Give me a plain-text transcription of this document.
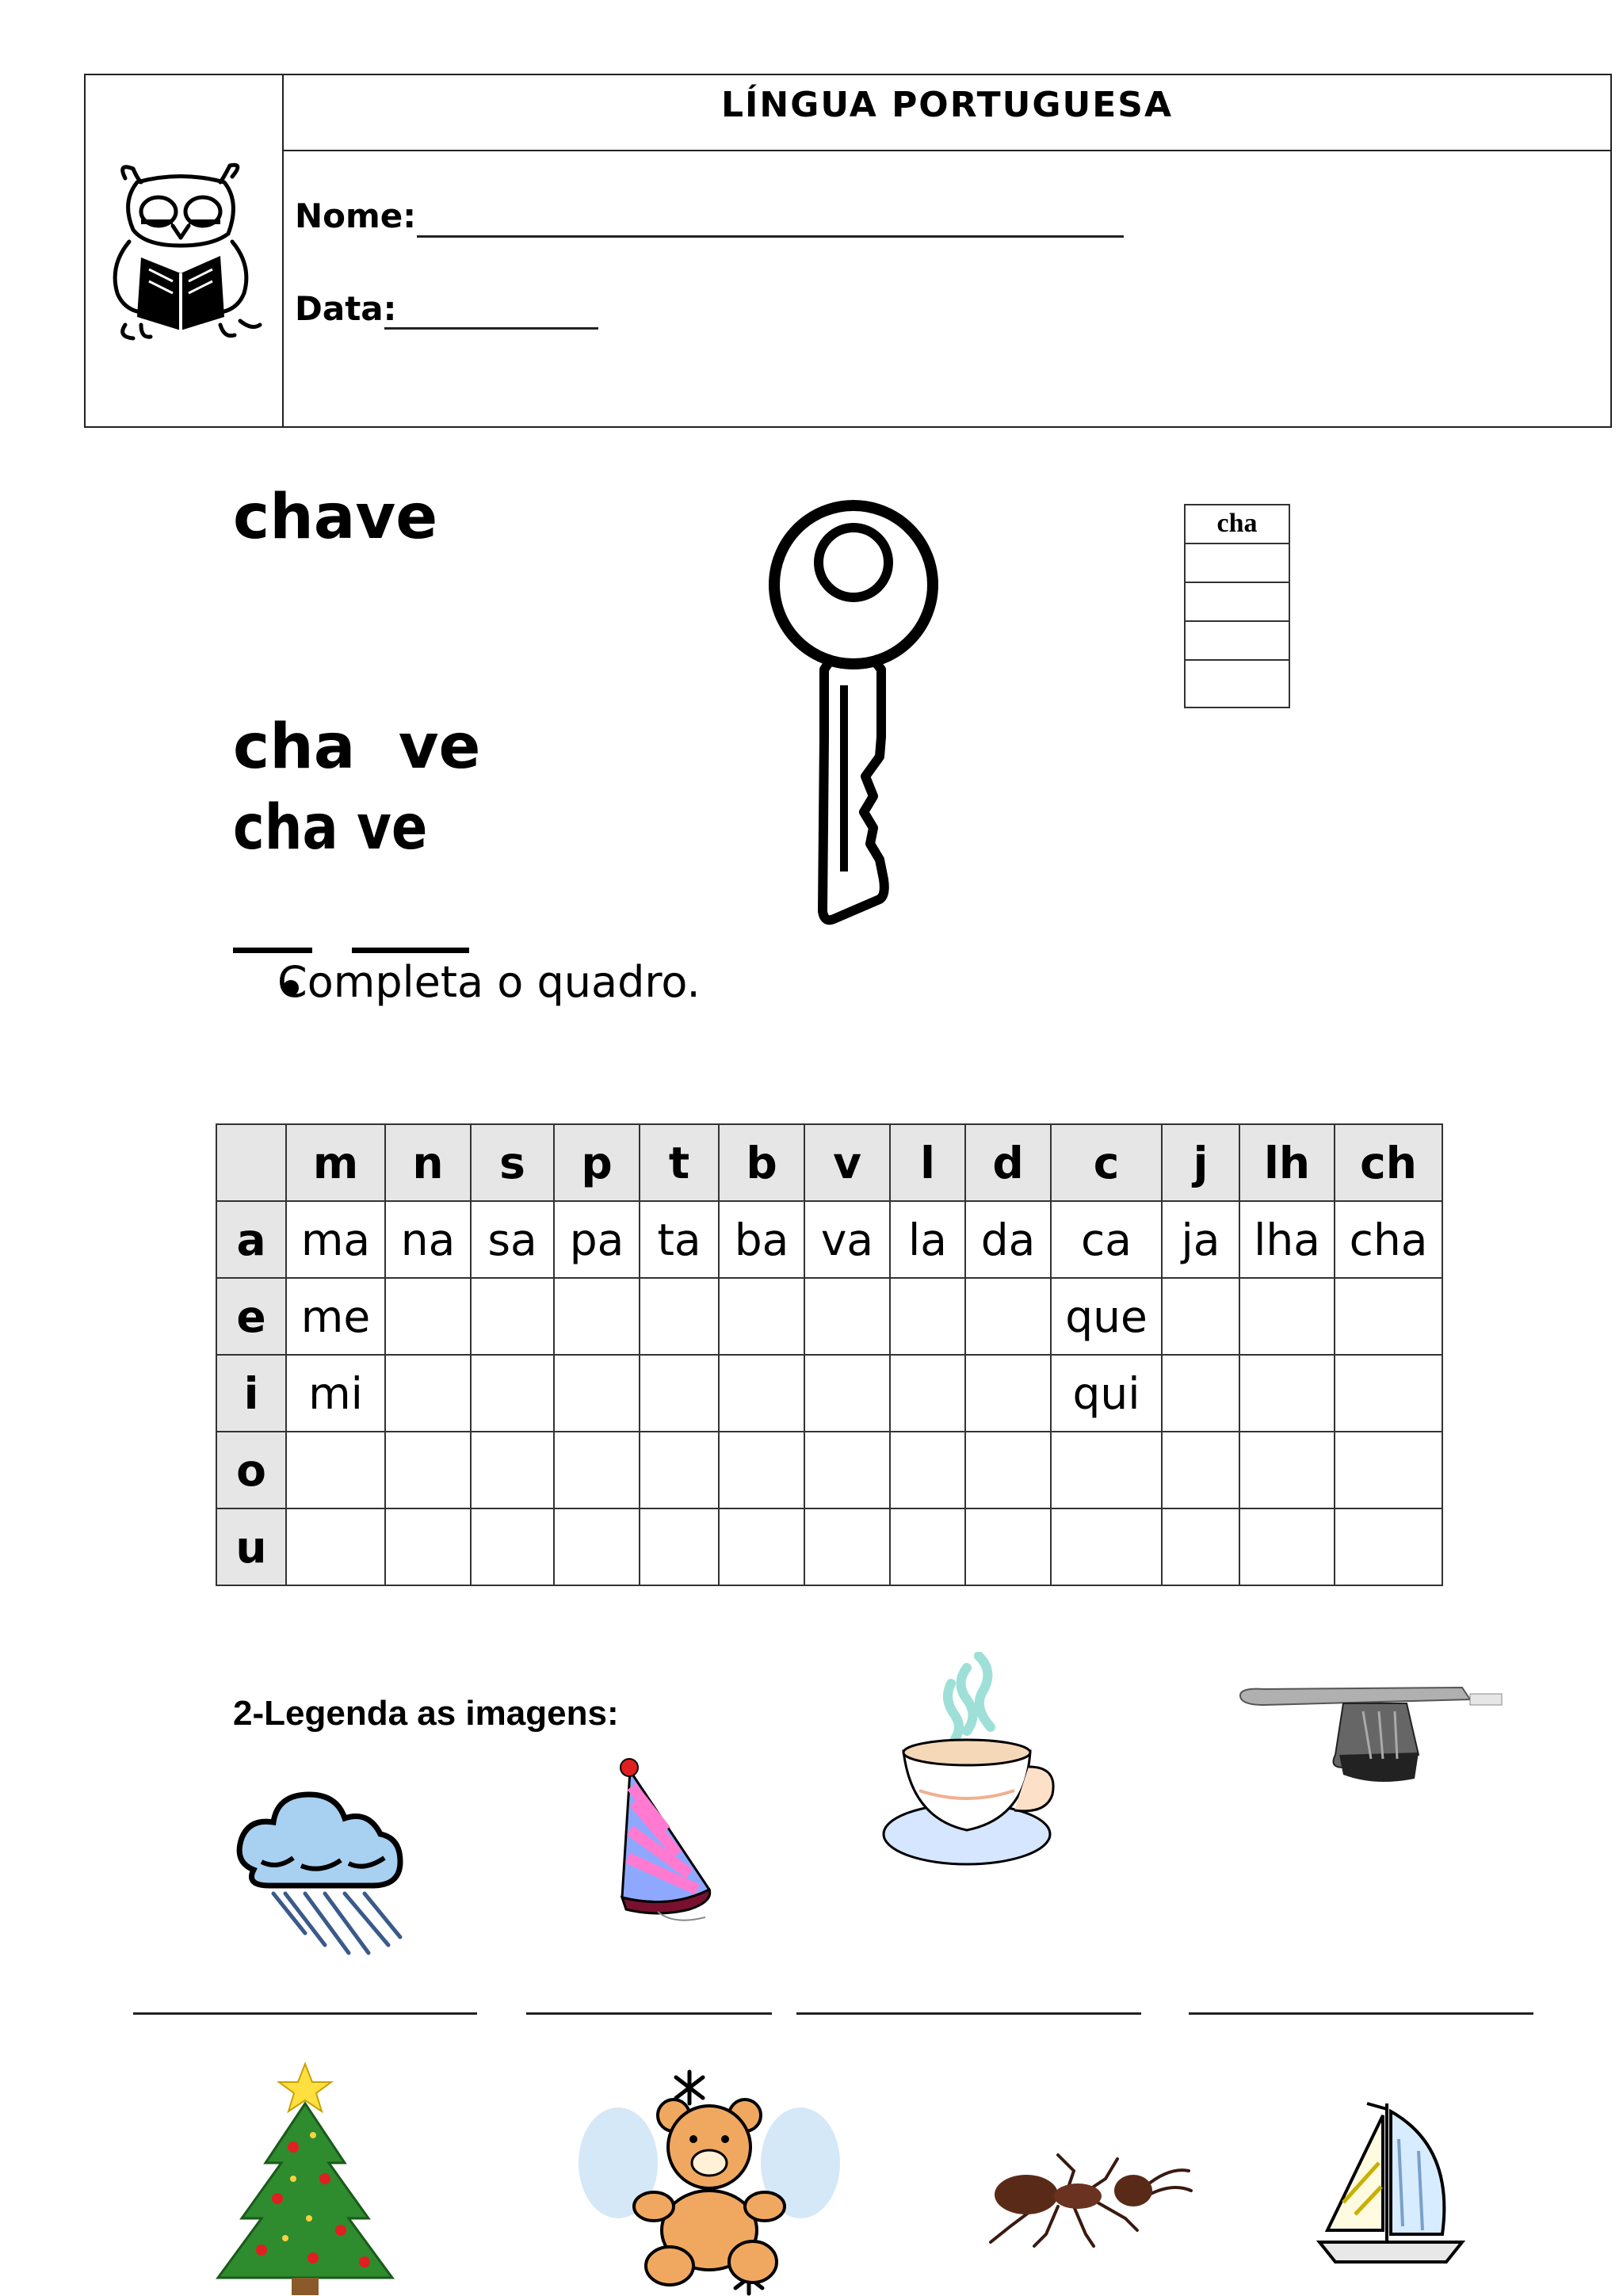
LÍNGUA PORTUGUESA
Nome:
Data:
chave
cha  ve
cha ve
cha
Completa o quadro.
	m	n	s	p	t	b	v	l	d	c	j	lh	ch
a	ma	na	sa	pa	ta	ba	va	la	da	ca	ja	lha	cha
e	me									que			
i	mi									qui			
o													
u													
2-Legenda as imagens:
